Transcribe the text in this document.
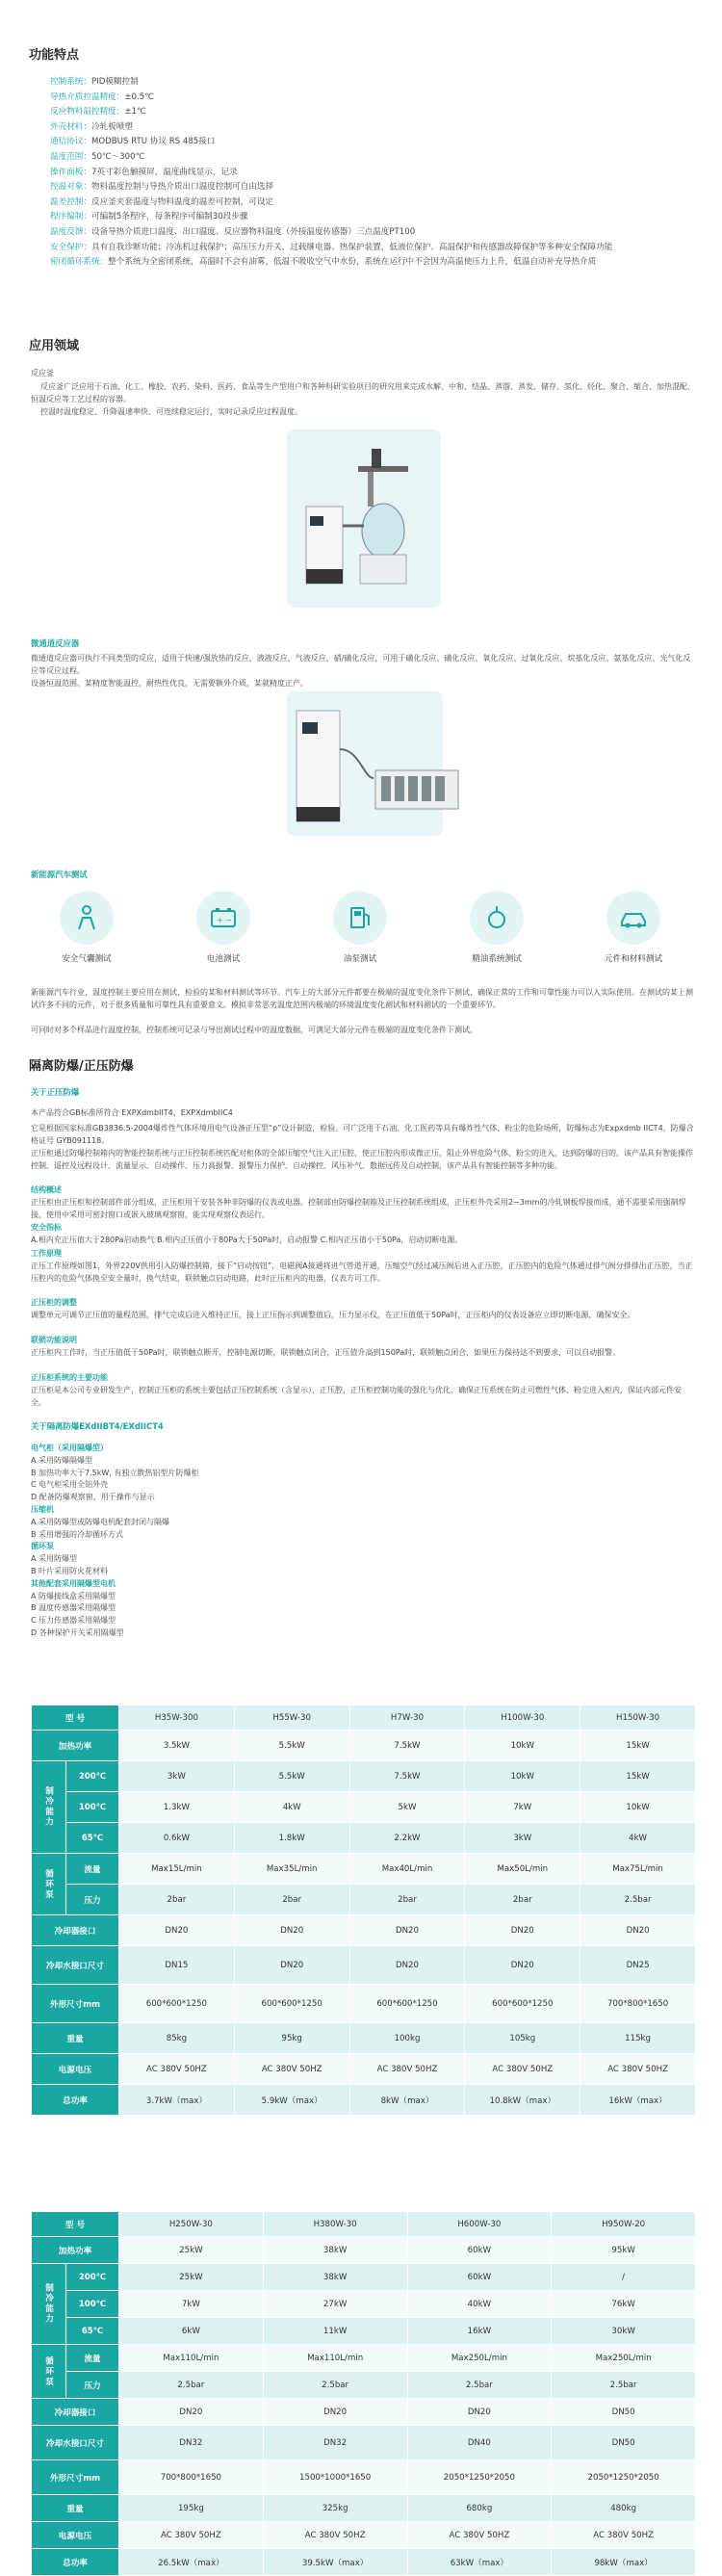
功能特点
控制系统：PID模糊控制
导热介质控温精度：±0.5℃
反应物料温控精度：±1℃
外壳材料：冷轧板喷塑
通信协议：MODBUS RTU 协议 RS 485接口
温度范围：50℃～300℃
操作面板：7英寸彩色触摸屏，温度曲线显示，记录
控温对象：物料温度控制与导热介质出口温度控制可自由选择
温差控制：反应釜夹套温度与物料温度的温差可控制，可设定
程序编制：可编制5条程序，每条程序可编制30段步骤
温度反馈：设备导热介质进口温度、出口温度、反应器物料温度（外接温度传感器）三点温度PT100
安全保护：具有自我诊断功能；冷冻机过载保护；高压压力开关，过载继电器、热保护装置，低液位保护、高温保护和传感器故障保护等多种安全保障功能
密闭循环系统：整个系统为全密闭系统，高温时不会有油雾，低温不吸收空气中水份，系统在运行中不会因为高温使压力上升，低温自动补充导热介质
应用领域

反应釜

反应釜广泛应用于石油、化工、橡胶、农药、染料、医药、食品等生产型用户和各种科研实验项目的研究用来完成水解、中和、结晶、蒸馏、蒸发、储存、氢化、烃化、聚合、缩合、加热混配、恒温反应等工艺过程的容器。

控温时温度稳定、升降温速率快、可连续稳定运行，实时记录反应过程温度。

微通道反应器

微通道反应器可执行不同类型的反应，适用于快速/强放热的反应，液液反应，气液反应，硝/磺化反应，可用于磺化反应、磺化反应、氧化反应、过氧化反应、烷基化反应、氨基化反应、光气化反应等反应过程。

设备恒温范围、某精度智能温控，耐热性优良，无需要额外介质，某就精度正产。

新能源汽车测试

安全气囊测试
+ −
电池测试	油泵测试	精油系统测试	元件和材料测试

新能源汽车行业，温度控制主要应用在测试，检验的某和材料测试等环节。汽车上的大部分元件都要在极端的温度变化条件下测试，确保正常的工作和可靠性能力可以入实际使用。在测试的某上测试许多不同的元件，对于很多质量和可靠性具有重要意义。模拟非常恶劣温度范围内极端的环境温度变化测试和材料测试的一个重要环节。

可同时对多个样品进行温度控制，控制系统可记录与导出测试过程中的温度数据，可满足大部分元件在极端的温度变化条件下测试。

隔离防爆/正压防爆

关于正压防爆

本产品符合GB标准所符合 EXPXdmbIIT4、EXPXdmbIIC4

它是根据国家标准GB3836.5-2004爆炸性气体环境用电气设备正压型“p”设计制造，检验。可广泛用于石油、化工医药等具有爆炸性气体、粉尘的危险场所，防爆标志为Expxdmb IICT4，防爆合格证号 GYB091118。

正压柜通过防爆控制箱内的智能控制系统与正压控制系统匹配对柜体的全部压缩空气注入正压腔，使正压腔内形成微正压，阻止外界危险气体、粉尘的进入，达到防爆的目的。该产品具有智能操作控制、遥控及远程设计、流量显示、自动操作、压力高报警、报警压力保护、自动操控、风压补气、数据远传及自动控制，该产品具有智能控制等多种功能。

结构概述

正压柜由正压柜和控制部件部分组成，正压柜用于安装各种非防爆的仪表或电器。控制部由防爆控制箱及正压控制系统组成，正压柜外壳采用2~3mm的冷轧钢板焊接而成，通不需要采用强制焊接，使用中采用可密封窗口或嵌入玻璃观察窗，能实现观察仪表运行。

安全指标

A.相内充正压值大于280Pa启动换气 B.相内正压值小于80Pa大于50Pa时，启动报警 C.相内正压值小于50Pa，启动切断电源。

工作原理

正压工作原理如图1，外界220V供用引入防爆控制箱，接下“启动按钮”，电磁阀A接通将进气管道开通，压缩空气经过减压阀后进入正压腔，正压腔内的危险气体通过排气阀分排排出正压腔，当正压腔内的危险气体换至安全量时，换气结束，联锁触点启动电路，此时正压柜内的电器，仪表方可工作。

正压柜的调整

调整单元可调节正压值的量程范围，排气完成后进入维持正压，接上正压指示到调整值后，压力显示仪，在正压值低于50Pa时，正压柜内的仪表设备应立即切断电源，确保安全。

联锁功能说明

正压柜内工作时，当正压值低于50Pa时，联锁触点断开，控制电源切断，联锁触点闭合，正压值升高到150Pa时，联锁触点闭合，如果压力保持达不到要求，可以自动报警。

正压柜系统的主要功能

正压柜是本公司专业研发生产，控制正压柜的系统主要包括正压控制系统（含显示）、正压腔，正压柜控制功能的强化与优化，确保正压系统在防止可燃性气体、粉尘进入柜内，保证内部元件安全。

关于隔离防爆EXdIIBT4/EXdIICT4

电气柜（采用隔爆型）
A 采用防爆隔爆型
B 加热功率大于7.5kW, 有独立散热铝型片防爆柜
C 电气柜采用全铝外壳
D 配备防爆观察窗，用于操作与显示
压缩机
A 采用防爆型或防爆电机配套封闭与隔爆
B 采用增强的冷却循环方式
循环泵
A 采用防爆型
B 叶片采用防火花材料
其他配套采用隔爆型电机
A 防爆接线盒采用隔爆型
B 温度传感器采用隔爆型
C 压力传感器采用隔爆型
D 各种保护开关采用隔爆型
型 号		H35W-300	H55W-30	H7W-30	H100W-30	H150W-30
加热功率		3.5kW	5.5kW	7.5kW	10kW	15kW
制冷能力	200℃	3kW	5.5kW	7.5kW	10kW	15kW
	100℃	1.3kW	4kW	5kW	7kW	10kW
	65℃	0.6kW	1.8kW	2.2kW	3kW	4kW
循环泵	流量	Max15L/min	Max35L/min	Max40L/min	Max50L/min	Max75L/min
	压力	2bar	2bar	2bar	2bar	2.5bar
冷却器接口		DN20	DN20	DN20	DN20	DN20
冷却水接口尺寸		DN15	DN20	DN20	DN20	DN25
外形尺寸mm		600*600*1250	600*600*1250	600*600*1250	600*600*1250	700*800*1650
重量		85kg	95kg	100kg	105kg	115kg
电源电压		AC 380V 50HZ	AC 380V 50HZ	AC 380V 50HZ	AC 380V 50HZ	AC 380V 50HZ
总功率		3.7kW（max）	5.9kW（max）	8kW（max）	10.8kW（max）	16kW（max）
型 号		H250W-30	H380W-30	H600W-30	H950W-20
加热功率		25kW	38kW	60kW	95kW
制冷能力	200℃	25kW	38kW	60kW	/
	100℃	7kW	27kW	40kW	76kW
	65℃	6kW	11kW	16kW	30kW
循环泵	流量	Max110L/min	Max110L/min	Max250L/min	Max250L/min
	压力	2.5bar	2.5bar	2.5bar	2.5bar
冷却器接口		DN20	DN20	DN20	DN50
冷却水接口尺寸		DN32	DN32	DN40	DN50
外形尺寸mm		700*800*1650	1500*1000*1650	2050*1250*2050	2050*1250*2050
重量		195kg	325kg	680kg	480kg
电源电压		AC 380V 50HZ	AC 380V 50HZ	AC 380V 50HZ	AC 380V 50HZ
总功率		26.5kW（max）	39.5kW（max）	63kW（max）	98kW（max）
